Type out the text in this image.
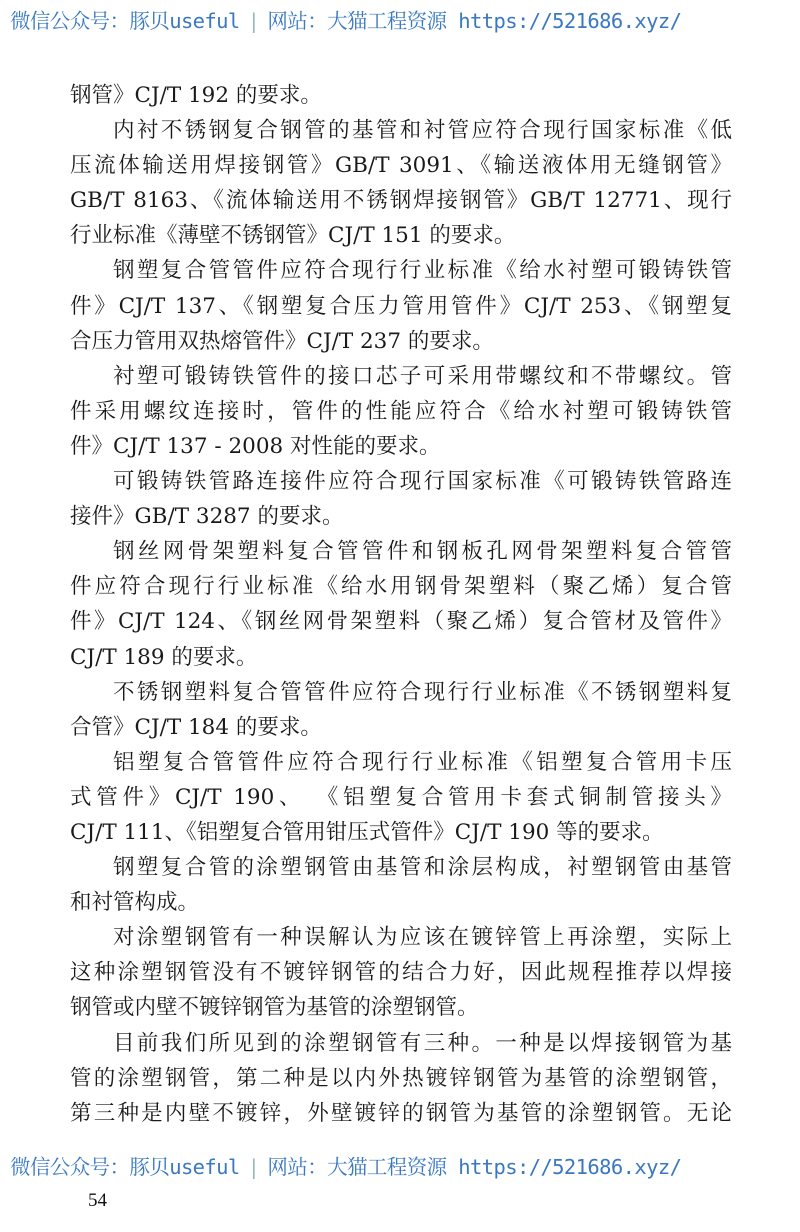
微信公众号：豚贝useful | 网站：大猫工程资源 https://521686.xyz/
钢管》CJ/T 192 的要求。
内衬不锈钢复合钢管的基管和衬管应符合现行国家标准《低
压流体输送用焊接钢管》GB/T 3091、《输送液体用无缝钢管》
GB/T 8163、《流体输送用不锈钢焊接钢管》GB/T 12771、现行
行业标准《薄壁不锈钢管》CJ/T 151 的要求。
钢塑复合管管件应符合现行行业标准《给水衬塑可锻铸铁管
件》CJ/T 137、《钢塑复合压力管用管件》CJ/T 253、《钢塑复
合压力管用双热熔管件》CJ/T 237 的要求。
衬塑可锻铸铁管件的接口芯子可采用带螺纹和不带螺纹。管
件采用螺纹连接时，管件的性能应符合《给水衬塑可锻铸铁管
件》CJ/T 137 - 2008 对性能的要求。
可锻铸铁管路连接件应符合现行国家标准《可锻铸铁管路连
接件》GB/T 3287 的要求。
钢丝网骨架塑料复合管管件和钢板孔网骨架塑料复合管管
件应符合现行行业标准《给水用钢骨架塑料（聚乙烯）复合管
件》CJ/T 124、《钢丝网骨架塑料（聚乙烯）复合管材及管件》
CJ/T 189 的要求。
不锈钢塑料复合管管件应符合现行行业标准《不锈钢塑料复
合管》CJ/T 184 的要求。
铝塑复合管管件应符合现行行业标准《铝塑复合管用卡压
式管件》CJ/T 190、 《铝塑复合管用卡套式铜制管接头》
CJ/T 111、《铝塑复合管用钳压式管件》CJ/T 190 等的要求。
钢塑复合管的涂塑钢管由基管和涂层构成，衬塑钢管由基管
和衬管构成。
对涂塑钢管有一种误解认为应该在镀锌管上再涂塑，实际上
这种涂塑钢管没有不镀锌钢管的结合力好，因此规程推荐以焊接
钢管或内壁不镀锌钢管为基管的涂塑钢管。
目前我们所见到的涂塑钢管有三种。一种是以焊接钢管为基
管的涂塑钢管，第二种是以内外热镀锌钢管为基管的涂塑钢管，
第三种是内壁不镀锌，外壁镀锌的钢管为基管的涂塑钢管。无论
微信公众号：豚贝useful | 网站：大猫工程资源 https://521686.xyz/
54
